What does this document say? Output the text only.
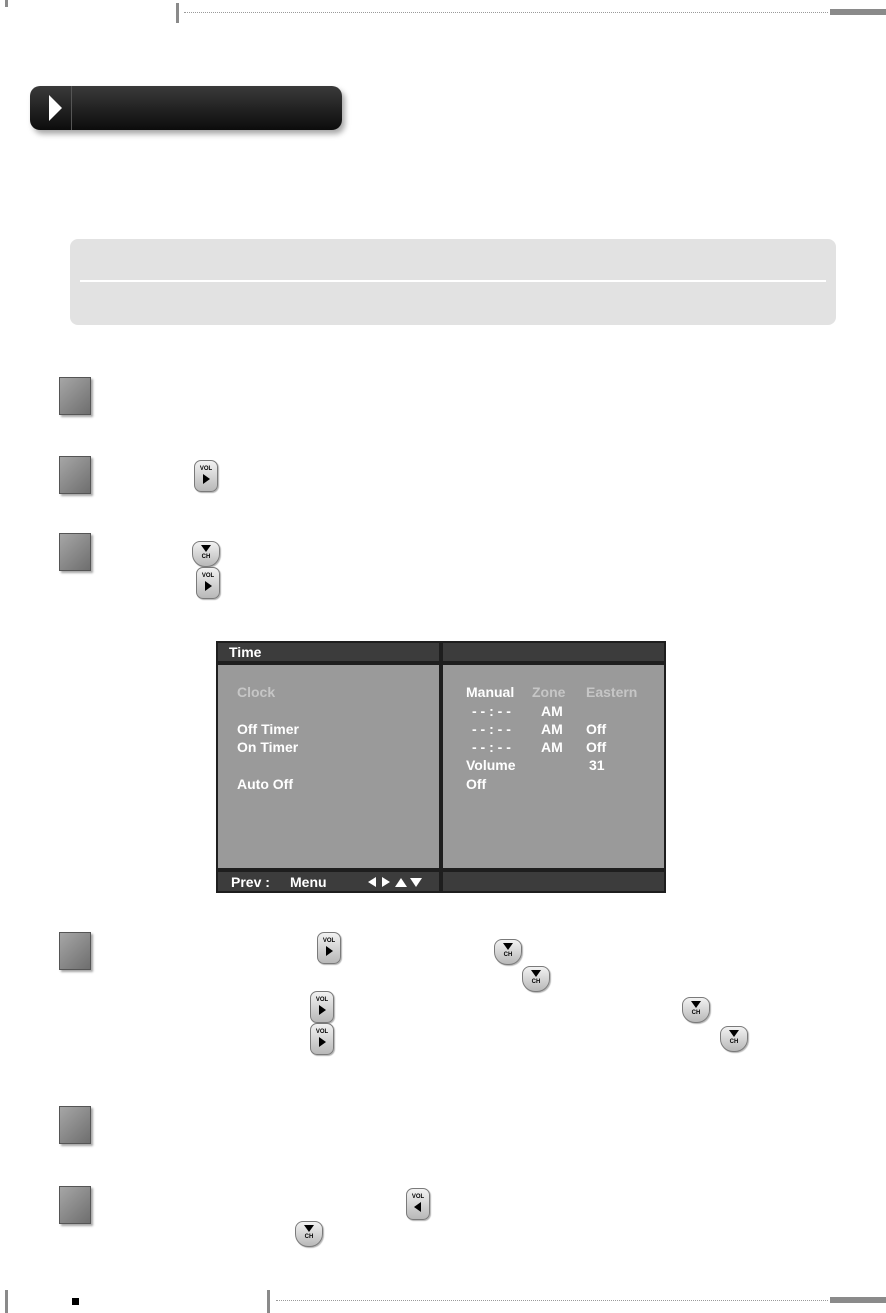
VOL
CH
VOL
Time
Clock
Off Timer
On Timer
Auto Off
Manual Zone Eastern
- - : - - AM
- - : - - AM Off
- - : - - AM Off
Volume	31
Off
Prev : Menu
VOL
CH
CH
VOL
CH
VOL
CH
VOL
CH
